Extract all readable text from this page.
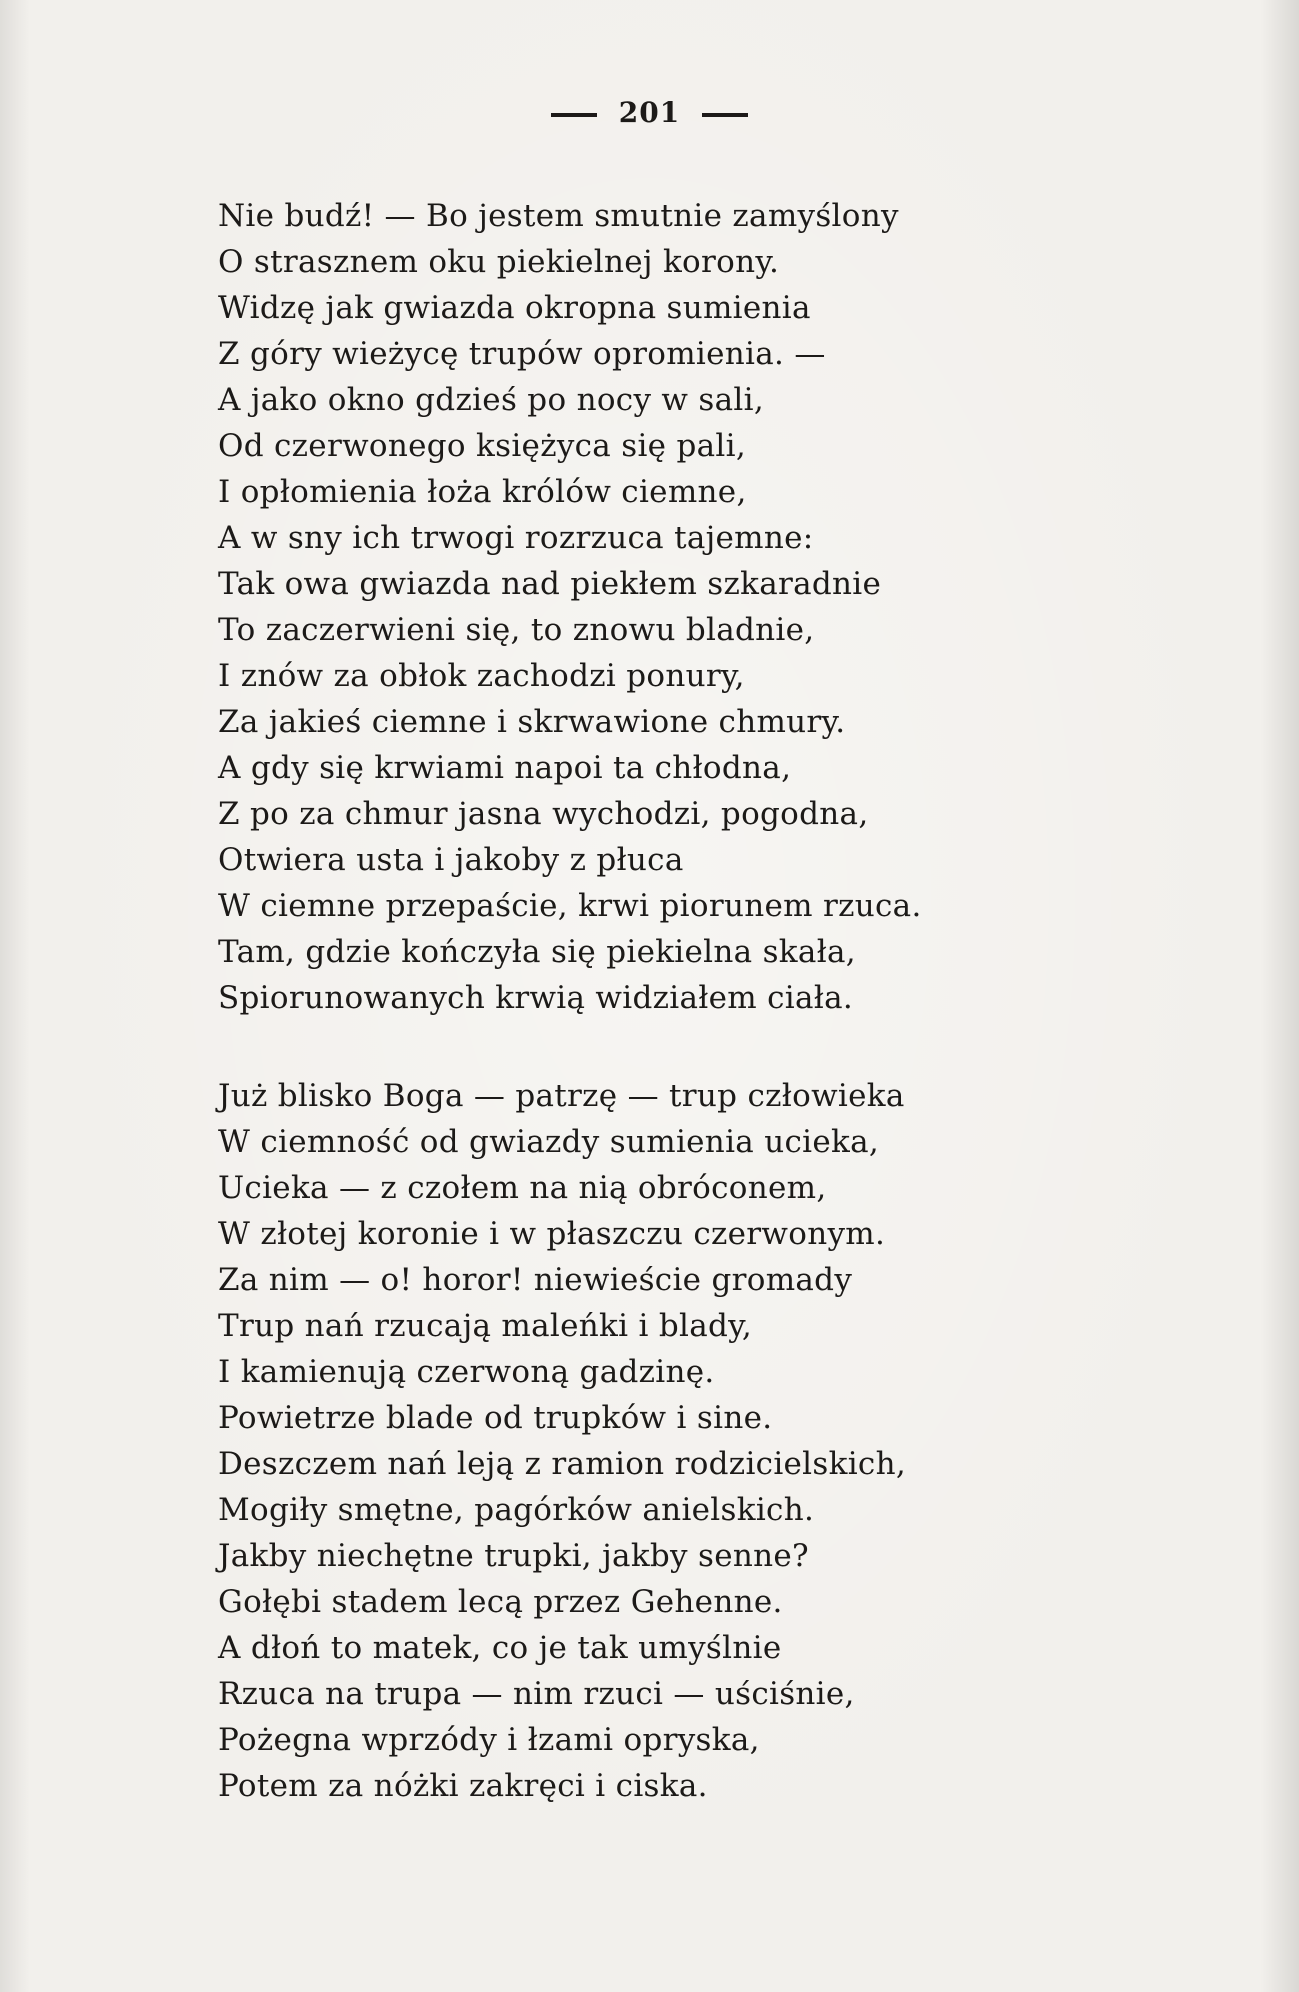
201
Nie budź! — Bo jestem smutnie zamyślony
O strasznem oku piekielnej korony.
Widzę jak gwiazda okropna sumienia
Z góry wieżycę trupów opromienia. —
A jako okno gdzieś po nocy w sali,
Od czerwonego księżyca się pali,
I opłomienia łoża królów ciemne,
A w sny ich trwogi rozrzuca tajemne:
Tak owa gwiazda nad piekłem szkaradnie
To zaczerwieni się, to znowu bladnie,
I znów za obłok zachodzi ponury,
Za jakieś ciemne i skrwawione chmury.
A gdy się krwiami napoi ta chłodna,
Z po za chmur jasna wychodzi, pogodna,
Otwiera usta i jakoby z płuca
W ciemne przepaście, krwi piorunem rzuca.
Tam, gdzie kończyła się piekielna skała,
Spiorunowanych krwią widziałem ciała.
Już blisko Boga — patrzę — trup człowieka
W ciemność od gwiazdy sumienia ucieka,
Ucieka — z czołem na nią obróconem,
W złotej koronie i w płaszczu czerwonym.
Za nim — o! horor! niewieście gromady
Trup nań rzucają maleńki i blady,
I kamienują czerwoną gadzinę.
Powietrze blade od trupków i sine.
Deszczem nań leją z ramion rodzicielskich,
Mogiły smętne, pagórków anielskich.
Jakby niechętne trupki, jakby senne?
Gołębi stadem lecą przez Gehenne.
A dłoń to matek, co je tak umyślnie
Rzuca na trupa — nim rzuci — uściśnie,
Pożegna wprzódy i łzami opryska,
Potem za nóżki zakręci i ciska.
